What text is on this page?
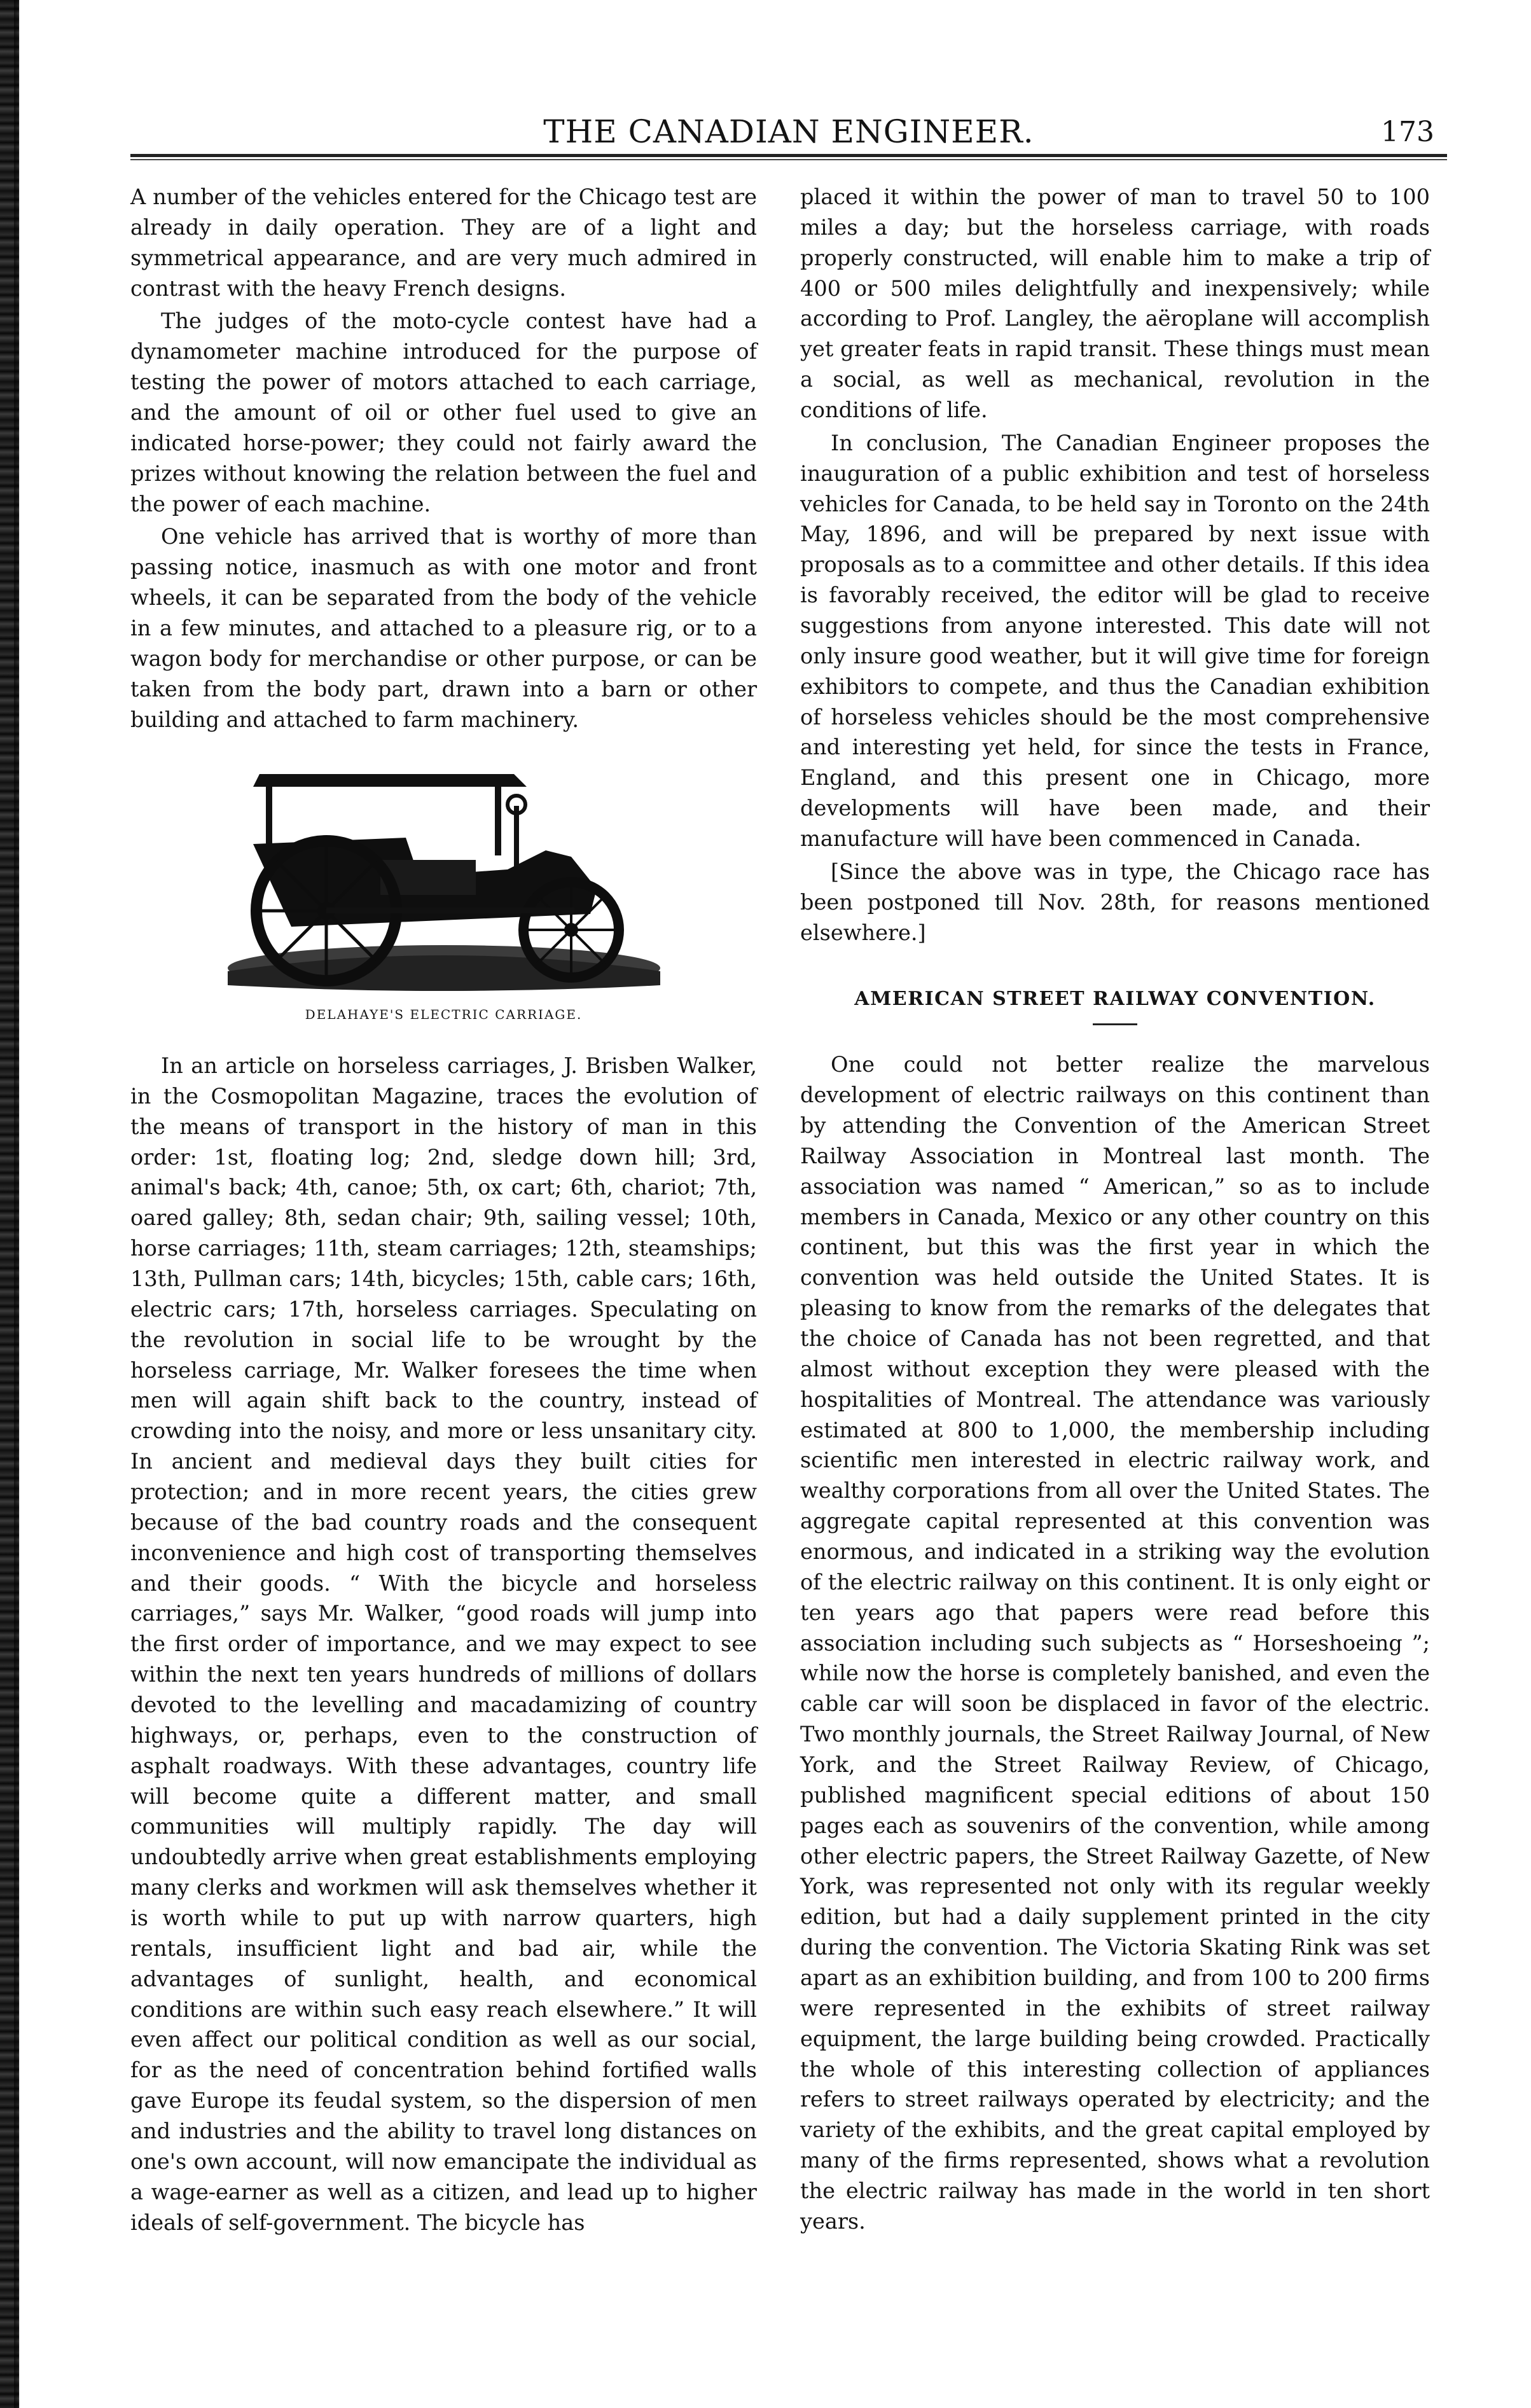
THE CANADIAN ENGINEER.	173

A number of the vehicles entered for the Chicago test are already in daily operation. They are of a light and symmetrical appearance, and are very much admired in contrast with the heavy French designs.

The judges of the moto-cycle contest have had a dynamometer machine introduced for the purpose of testing the power of motors attached to each carriage, and the amount of oil or other fuel used to give an indicated horse-power; they could not fairly award the prizes without knowing the relation between the fuel and the power of each machine.

One vehicle has arrived that is worthy of more than passing notice, inasmuch as with one motor and front wheels, it can be separated from the body of the vehicle in a few minutes, and attached to a pleasure rig, or to a wagon body for merchandise or other purpose, or can be taken from the body part, drawn into a barn or other building and attached to farm machinery.

DELAHAYE'S ELECTRIC CARRIAGE.

In an article on horseless carriages, J. Brisben Walker, in the Cosmopolitan Magazine, traces the evolution of the means of transport in the history of man in this order: 1st, floating log; 2nd, sledge down hill; 3rd, animal's back; 4th, canoe; 5th, ox cart; 6th, chariot; 7th, oared galley; 8th, sedan chair; 9th, sailing vessel; 10th, horse carriages; 11th, steam carriages; 12th, steamships; 13th, Pullman cars; 14th, bicycles; 15th, cable cars; 16th, electric cars; 17th, horseless carriages. Speculating on the revolution in social life to be wrought by the horseless carriage, Mr. Walker foresees the time when men will again shift back to the country, instead of crowding into the noisy, and more or less unsanitary city. In ancient and medieval days they built cities for protection; and in more recent years, the cities grew because of the bad country roads and the consequent inconvenience and high cost of transporting themselves and their goods. “ With the bicycle and horseless carriages,” says Mr. Walker, “good roads will jump into the first order of importance, and we may expect to see within the next ten years hundreds of millions of dollars devoted to the levelling and macadamizing of country highways, or, perhaps, even to the construction of asphalt roadways. With these advantages, country life will become quite a different matter, and small communities will multiply rapidly. The day will undoubtedly arrive when great establishments employing many clerks and workmen will ask themselves whether it is worth while to put up with narrow quarters, high rentals, insufficient light and bad air, while the advantages of sunlight, health, and economical conditions are within such easy reach elsewhere.” It will even affect our political condition as well as our social, for as the need of concentration behind fortified walls gave Europe its feudal system, so the dispersion of men and industries and the ability to travel long distances on one's own account, will now emancipate the individual as a wage-earner as well as a citizen, and lead up to higher ideals of self-government. The bicycle has

placed it within the power of man to travel 50 to 100 miles a day; but the horseless carriage, with roads properly constructed, will enable him to make a trip of 400 or 500 miles delightfully and inexpensively; while according to Prof. Langley, the aëroplane will accomplish yet greater feats in rapid transit. These things must mean a social, as well as mechanical, revolution in the conditions of life.

In conclusion, The Canadian Engineer proposes the inauguration of a public exhibition and test of horseless vehicles for Canada, to be held say in Toronto on the 24th May, 1896, and will be prepared by next issue with proposals as to a committee and other details. If this idea is favorably received, the editor will be glad to receive suggestions from anyone interested. This date will not only insure good weather, but it will give time for foreign exhibitors to compete, and thus the Canadian exhibition of horseless vehicles should be the most comprehensive and interesting yet held, for since the tests in France, England, and this present one in Chicago, more developments will have been made, and their manufacture will have been commenced in Canada.

[Since the above was in type, the Chicago race has been postponed till Nov. 28th, for reasons mentioned elsewhere.]

AMERICAN STREET RAILWAY CONVENTION.

One could not better realize the marvelous development of electric railways on this continent than by attending the Convention of the American Street Railway Association in Montreal last month. The association was named “ American,” so as to include members in Canada, Mexico or any other country on this continent, but this was the first year in which the convention was held outside the United States. It is pleasing to know from the remarks of the delegates that the choice of Canada has not been regretted, and that almost without exception they were pleased with the hospitalities of Montreal. The attendance was variously estimated at 800 to 1,000, the membership including scientific men interested in electric railway work, and wealthy corporations from all over the United States. The aggregate capital represented at this convention was enormous, and indicated in a striking way the evolution of the electric railway on this continent. It is only eight or ten years ago that papers were read before this association including such subjects as “ Horseshoeing ”; while now the horse is completely banished, and even the cable car will soon be displaced in favor of the electric. Two monthly journals, the Street Railway Journal, of New York, and the Street Railway Review, of Chicago, published magnificent special editions of about 150 pages each as souvenirs of the convention, while among other electric papers, the Street Railway Gazette, of New York, was represented not only with its regular weekly edition, but had a daily supplement printed in the city during the convention. The Victoria Skating Rink was set apart as an exhibition building, and from 100 to 200 firms were represented in the exhibits of street railway equipment, the large building being crowded. Practically the whole of this interesting collection of appliances refers to street railways operated by electricity; and the variety of the exhibits, and the great capital employed by many of the firms represented, shows what a revolution the electric railway has made in the world in ten short years.
